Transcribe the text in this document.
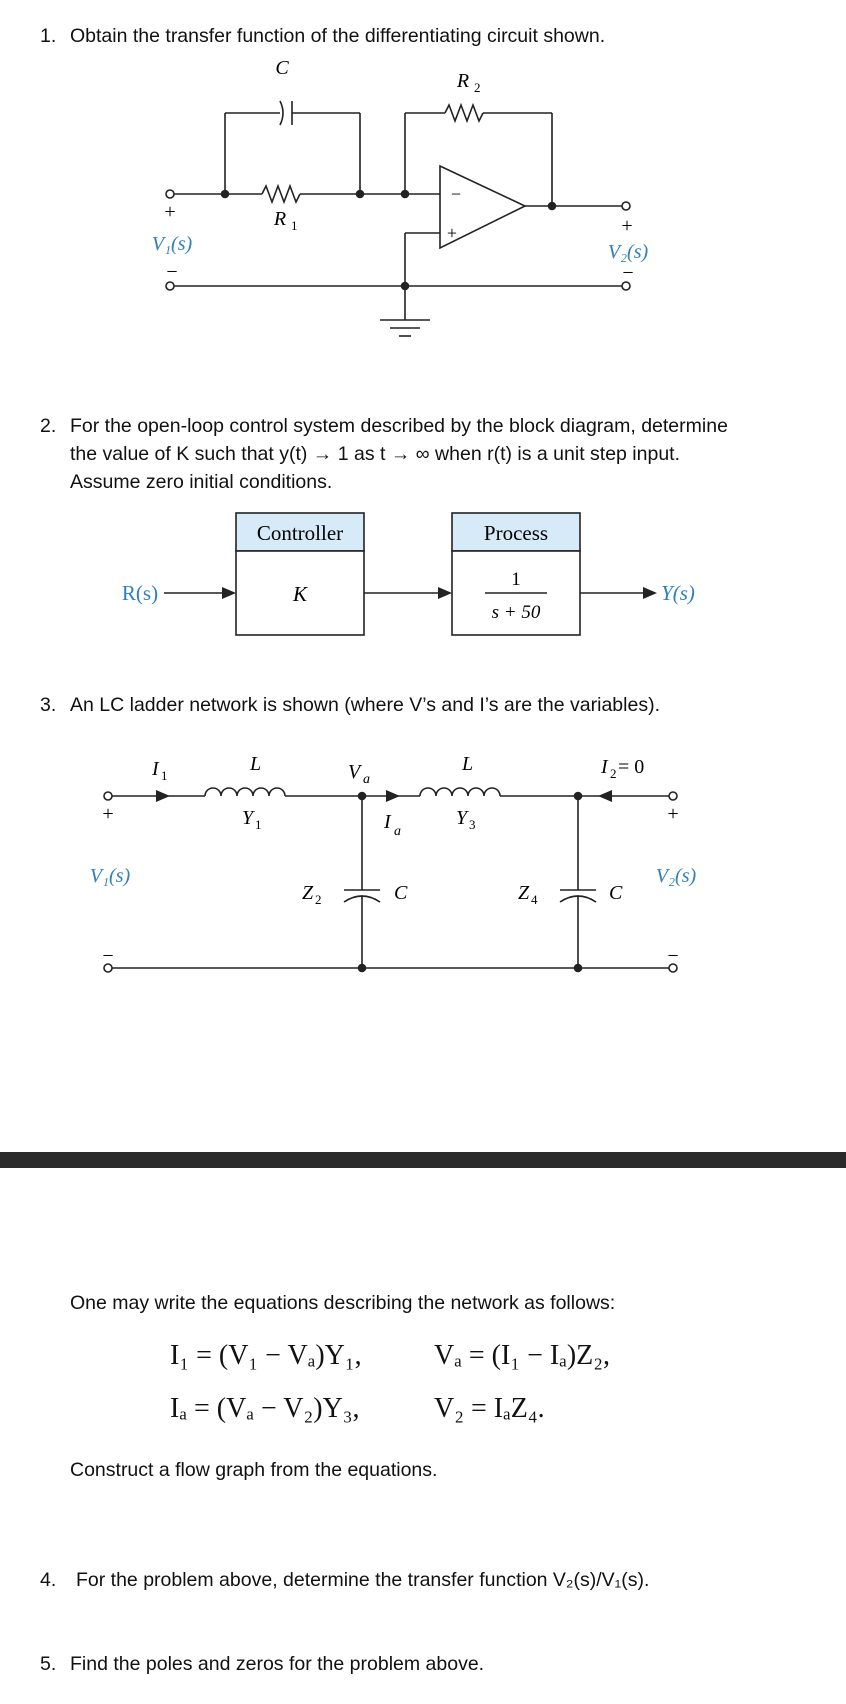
1. Obtain the transfer function of the differentiating circuit shown.
C
R 2
R 1
+
V₁(s)
−
−
+	+
V₂(s)
−
2. For the open-loop control system described by the block diagram, determine
the value of K such that y(t) → 1 as t → ∞ when r(t) is a unit step input.
Assume zero initial conditions.
Controller
K
Process
1
s + 50
R(s)	Y(s)
3. An LC ladder network is shown (where V’s and I’s are the variables).
I 1
L
Y 1
V a
I a
L
Y 3
I 2 = 0
Z 2	C	Z 4	C
+
V₁(s)
−
+
V₂(s)
−
One may write the equations describing the network as follows:
I₁ = (V₁ − Vₐ)Y₁,	Vₐ = (I₁ − Iₐ)Z₂,
Iₐ = (Vₐ − V₂)Y₃,	V₂ = IₐZ₄.
Construct a flow graph from the equations.
4. For the problem above, determine the transfer function V₂(s)/V₁(s).
5. Find the poles and zeros for the problem above.
